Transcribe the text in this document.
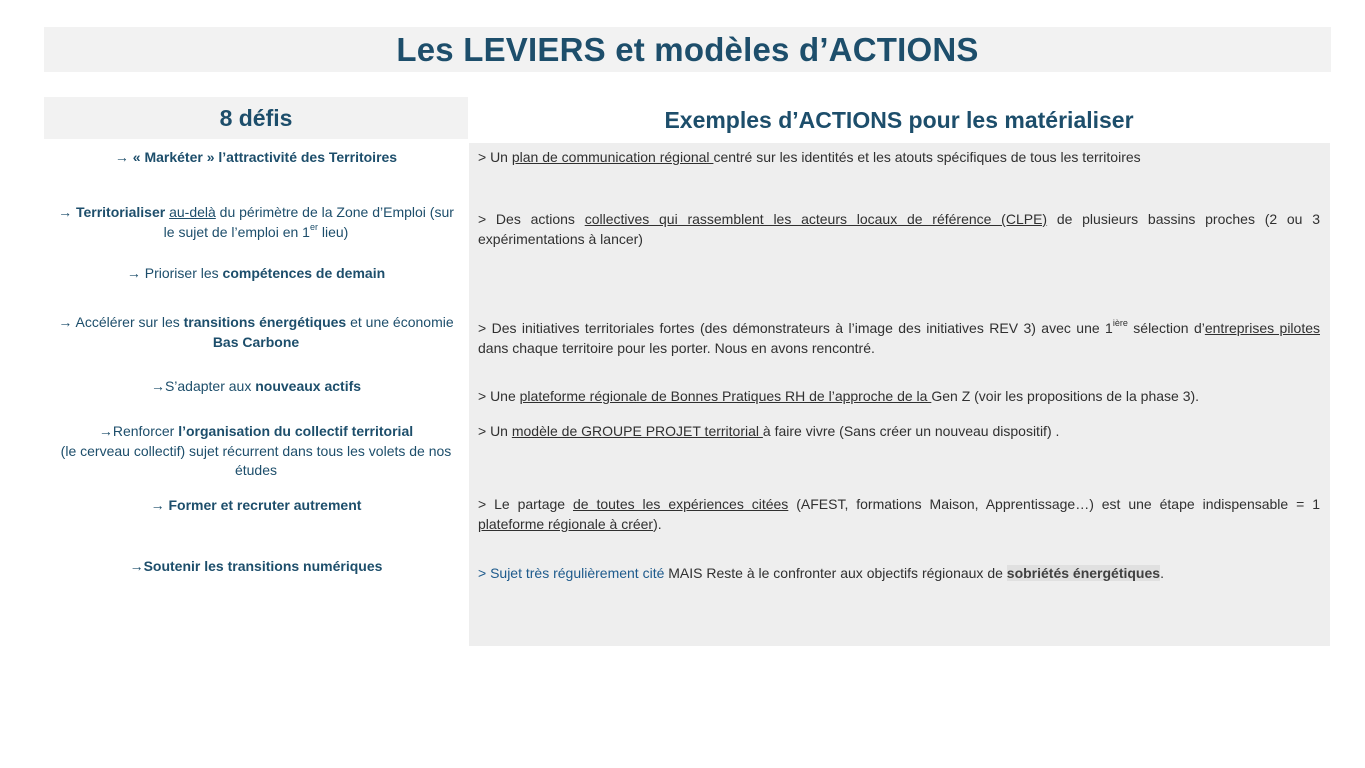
Les LEVIERS et modèles d’ACTIONS
8 défis	Exemples d’ACTIONS pour les matérialiser
→ « Markéter » l’attractivité des Territoires
→ Territorialiser au-delà du périmètre de la Zone d’Emploi (sur le sujet de l’emploi en 1er lieu)
→ Prioriser les compétences de demain
→ Accélérer sur les transitions énergétiques et une économie Bas Carbone
→S’adapter aux nouveaux actifs
→Renforcer l’organisation du collectif territorial
(le cerveau collectif) sujet récurrent dans tous les volets de nos études
→ Former et recruter autrement
→Soutenir les transitions numériques
> Un plan de communication régional centré sur les identités et les atouts spécifiques de tous les territoires
> Des actions collectives qui rassemblent les acteurs locaux de référence (CLPE) de plusieurs bassins proches (2 ou 3 expérimentations à lancer)
> Des initiatives territoriales fortes (des démonstrateurs à l’image des initiatives REV 3) avec une $1^{ière}$ sélection d’entreprises pilotes dans chaque territoire pour les porter. Nous en avons rencontré.
> Une plateforme régionale de Bonnes Pratiques RH de l’approche de la Gen Z (voir les propositions de la phase 3).
> Un modèle de GROUPE PROJET territorial à faire vivre (Sans créer un nouveau dispositif) .
> Le partage de toutes les expériences citées (AFEST, formations Maison, Apprentissage…) est une étape indispensable = 1 plateforme régionale à créer).
> Sujet très régulièrement cité MAIS Reste à le confronter aux objectifs régionaux de sobriétés énergétiques.
